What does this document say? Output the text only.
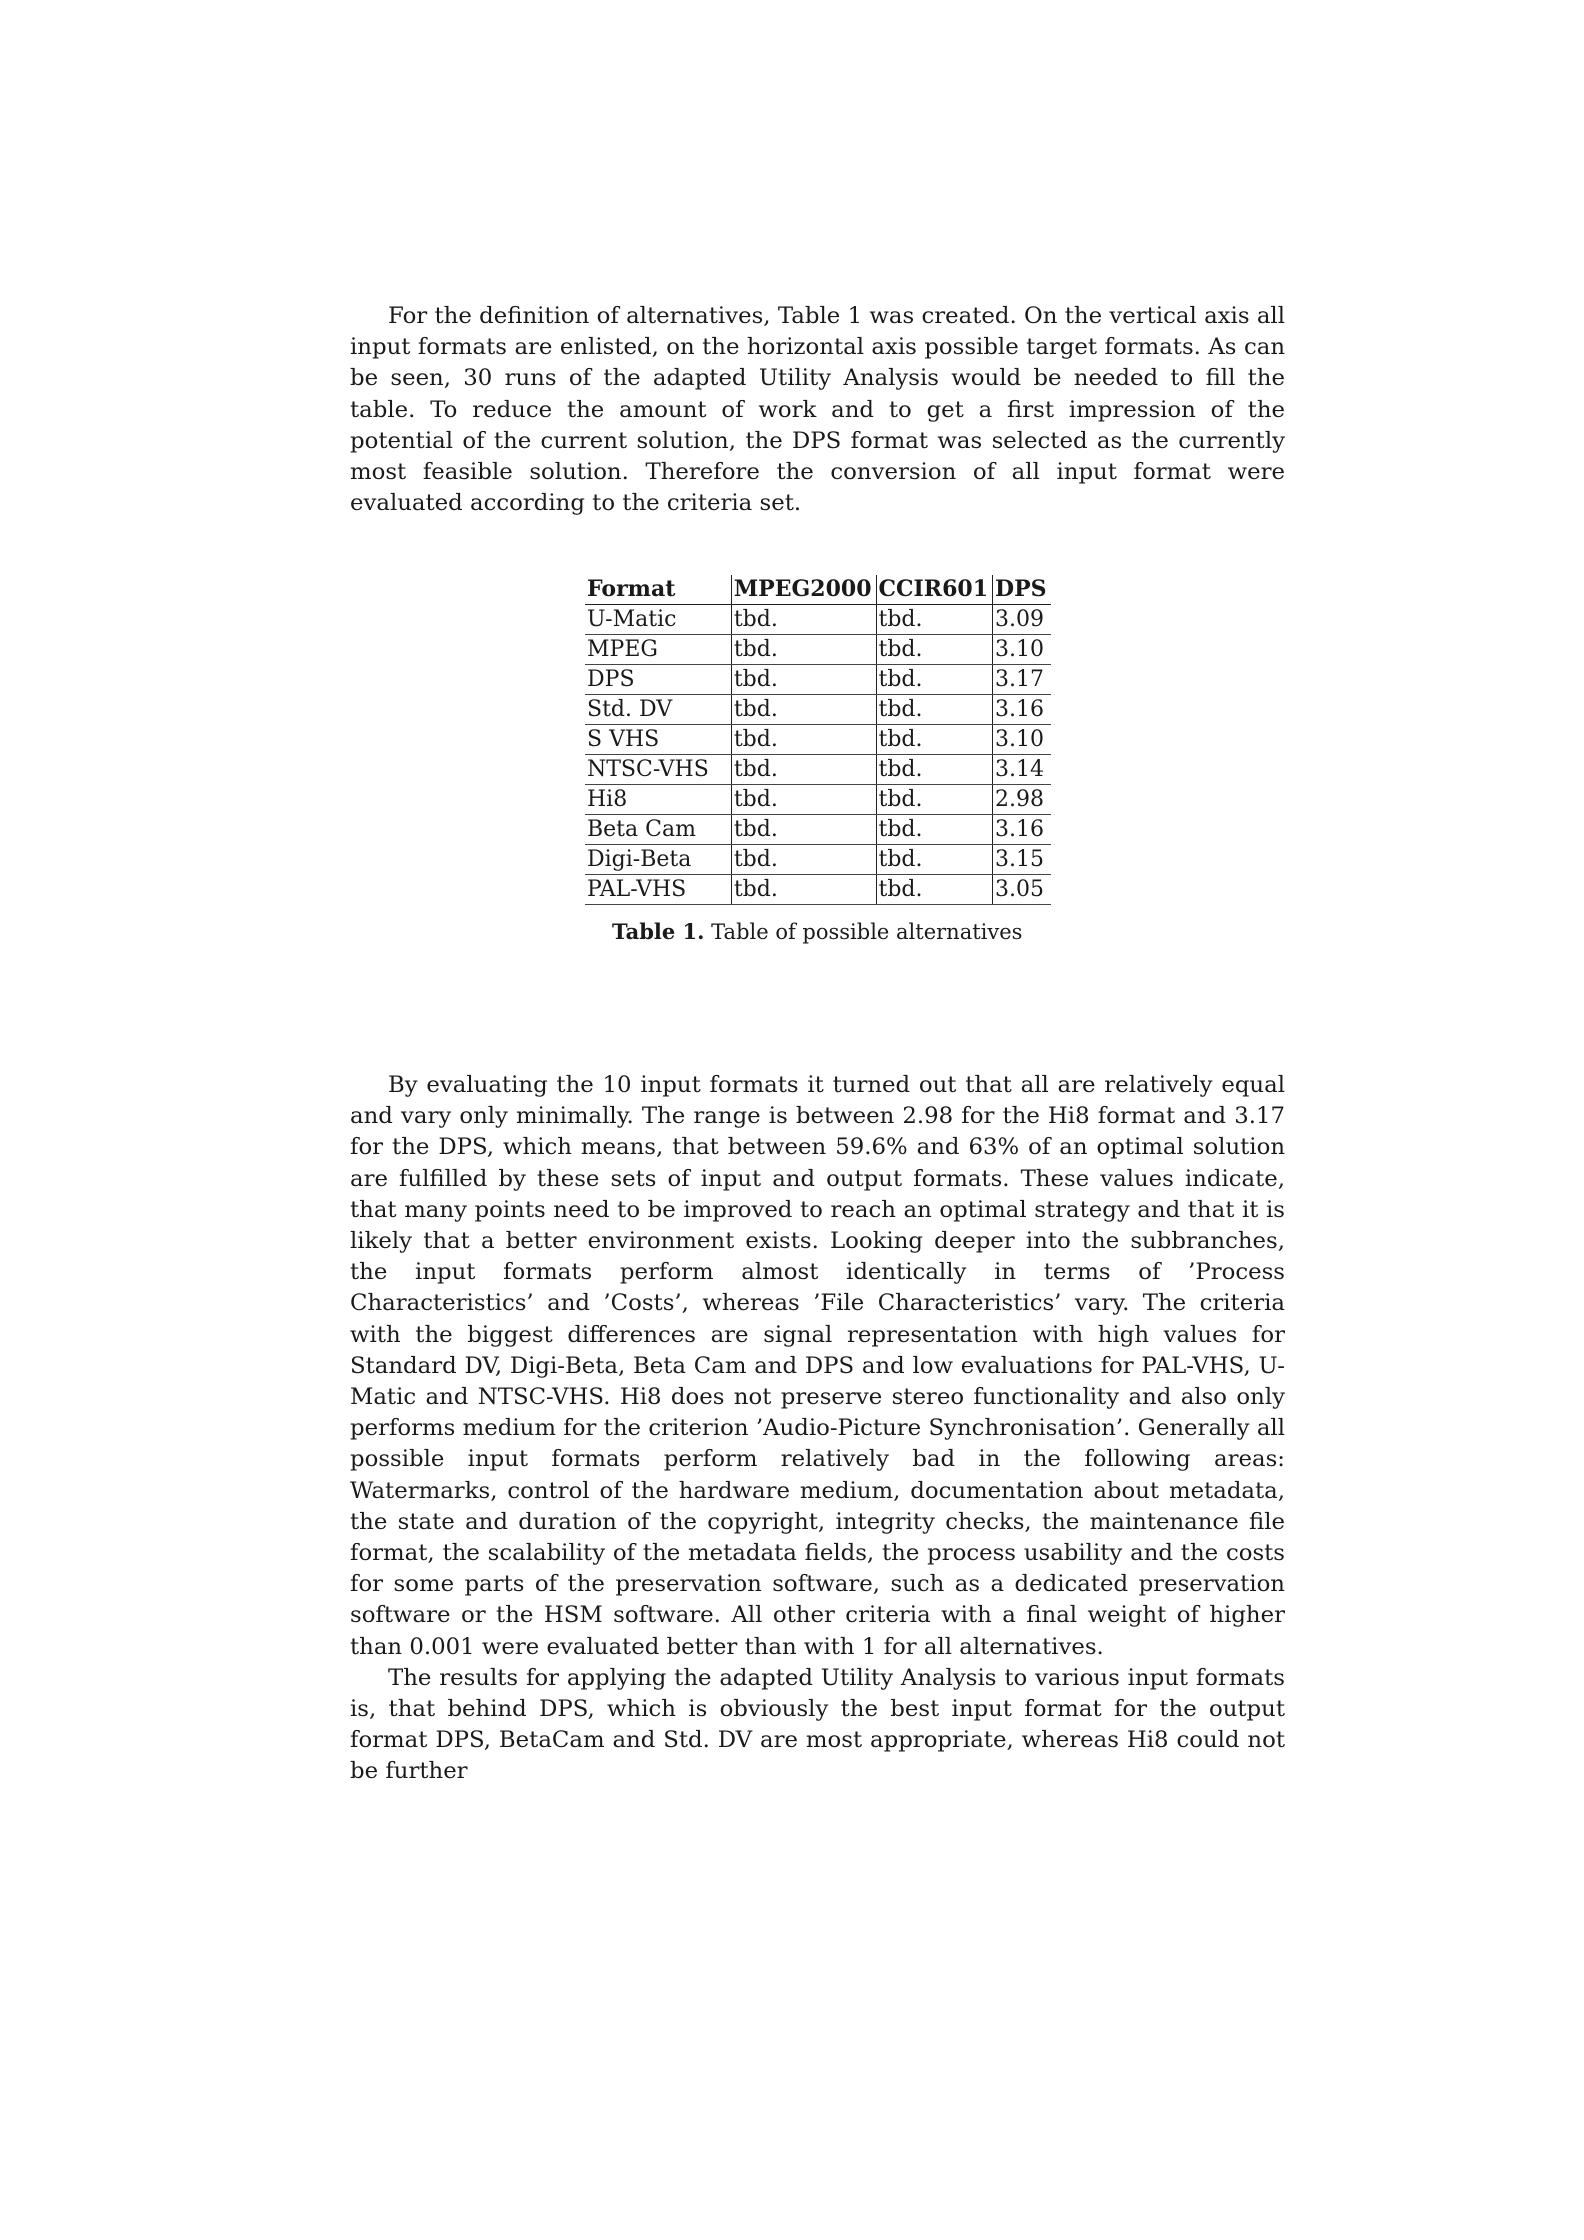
For the definition of alternatives, Table 1 was created. On the vertical axis all input formats are enlisted, on the horizontal axis possible target formats. As can be seen, 30 runs of the adapted Utility Analysis would be needed to fill the table. To reduce the amount of work and to get a first impression of the potential of the current solution, the DPS format was selected as the currently most feasible solution. Therefore the conversion of all input format were evaluated according to the criteria set.

Format	MPEG2000	CCIR601	DPS
U-Matic	tbd.	tbd.	3.09
MPEG	tbd.	tbd.	3.10
DPS	tbd.	tbd.	3.17
Std. DV	tbd.	tbd.	3.16
S VHS	tbd.	tbd.	3.10
NTSC-VHS	tbd.	tbd.	3.14
Hi8	tbd.	tbd.	2.98
Beta Cam	tbd.	tbd.	3.16
Digi-Beta	tbd.	tbd.	3.15
PAL-VHS	tbd.	tbd.	3.05
Table 1. Table of possible alternatives

By evaluating the 10 input formats it turned out that all are relatively equal and vary only minimally. The range is between 2.98 for the Hi8 format and 3.17 for the DPS, which means, that between 59.6% and 63% of an optimal solution are fulfilled by these sets of input and output formats. These values indicate, that many points need to be improved to reach an optimal strategy and that it is likely that a better environment exists. Looking deeper into the subbranches, the input formats perform almost identically in terms of ’Process Characteristics’ and ’Costs’, whereas ’File Characteristics’ vary. The criteria with the biggest differences are signal representation with high values for Standard DV, Digi-Beta, Beta Cam and DPS and low evaluations for PAL-VHS, U-Matic and NTSC-VHS. Hi8 does not preserve stereo functionality and also only performs medium for the criterion ’Audio-Picture Synchronisation’. Generally all possible input formats perform relatively bad in the following areas: Watermarks, control of the hardware medium, documentation about metadata, the state and duration of the copyright, integrity checks, the maintenance file format, the scalability of the metadata fields, the process usability and the costs for some parts of the preservation software, such as a dedicated preservation software or the HSM software. All other criteria with a final weight of higher than 0.001 were evaluated better than with 1 for all alternatives.

The results for applying the adapted Utility Analysis to various input formats is, that behind DPS, which is obviously the best input format for the output format DPS, BetaCam and Std. DV are most appropriate, whereas Hi8 could not be further
